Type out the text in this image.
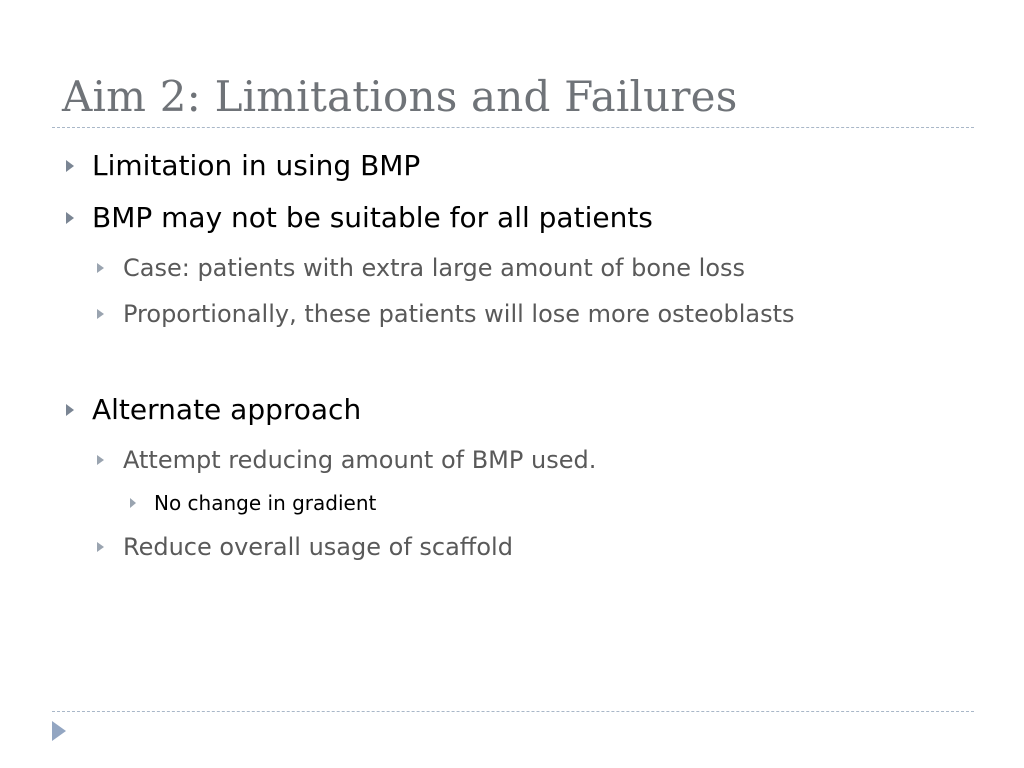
Aim 2: Limitations and Failures
Limitation in using BMP
BMP may not be suitable for all patients
Case: patients with extra large amount of bone loss
Proportionally, these patients will lose more osteoblasts
Alternate approach
Attempt reducing amount of BMP used.
No change in gradient
Reduce overall usage of scaffold
